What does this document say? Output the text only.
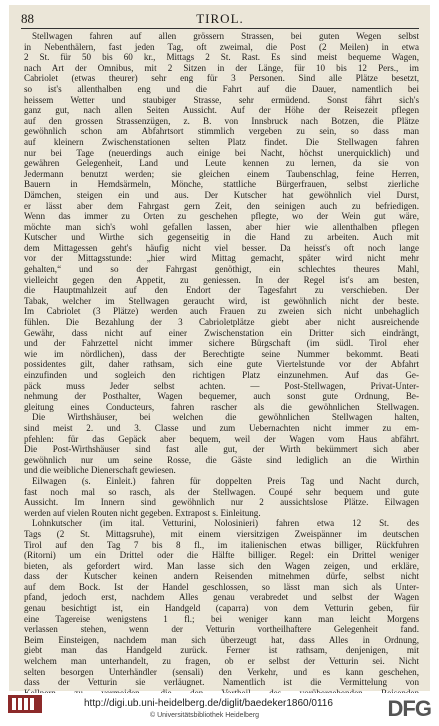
88	TIROL.
Stellwagen fahren auf allen grössern Strassen, bei guten Wegen selbst
in Nebenthälern, fast jeden Tag, oft zweimal, die Post (2 Meilen) in etwa
2 St. für 50 bis 60 kr., Mittags 2 St. Rast. Es sind meist bequeme Wagen,
nach Art der Omnibus, mit 2 Sitzen in der Länge, für 10 bis 12 Pers., im
Cabriolet (etwas theurer) sehr eng für 3 Personen. Sind alle Plätze besetzt,
so ist's allenthalben eng und die Fahrt auf die Dauer, namentlich bei
heissem Wetter und staubiger Strasse, sehr ermüdend. Sonst fährt sich's
ganz gut, nach allen Seiten Aussicht. Auf der Höhe der Reisezeit pflegen
auf den grossen Strassenzügen, z. B. von Innsbruck nach Botzen, die Plätze
gewöhnlich schon am Abfahrtsort stimmlich vergeben zu sein, so dass man
auf kleinern Zwischenstationen selten Platz findet. Die Stellwagen fahren
nur bei Tage (neuerdings auch einige bei Nacht, höchst unerquicklich) und
gewähren Gelegenheit, Land und Leute kennen zu lernen, da sie von
Jedermann benutzt werden; sie gleichen einem Taubenschlag, feine Herren,
Bauern in Hemdsärmeln, Mönche, stattliche Bürgerfrauen, selbst zierliche
Dämchen, steigen ein und aus. Der Kutscher hat gewöhnlich viel Durst,
er lässt aber dem Fahrgast gern Zeit, den seinigen auch zu befriedigen.
Wenn das immer zu Orten zu geschehen pflegte, wo der Wein gut wäre,
möchte man sich's wohl gefallen lassen, aber hier wie allenthalben pflegen
Kutscher und Wirthe sich gegenseitig in die Hand zu arbeiten. Auch mit
dem Mittagessen geht's häufig nicht viel besser. Da heisst's oft noch lange
vor der Mittagsstunde: „hier wird Mittag gemacht, später wird nicht mehr
gehalten,“ und so der Fahrgast genöthigt, ein schlechtes theures Mahl,
vielleicht gegen den Appetit, zu geniessen. In der Regel ist's am besten,
die Hauptmahlzeit auf den Endort der Tagesfahrt zu verschieben. Der
Tabak, welcher im Stellwagen geraucht wird, ist gewöhnlich nicht der beste.
Im Cabriolet (3 Plätze) werden auch Frauen zu zweien sich nicht unbehaglich
fühlen. Die Bezahlung der 3 Cabrioletplätze giebt aber nicht ausreichende
Gewähr, dass nicht auf einer Zwischenstation ein Dritter sich eindrängt,
und der Fahrzettel nicht immer sichere Bürgschaft (im südl. Tirol eher
wie im nördlichen), dass der Berechtigte seine Nummer bekommt. Beati
possidentes gilt, daher rathsam, sich eine gute Viertelstunde vor der Abfahrt
einzufinden und sogleich den richtigen Platz einzunehmen. Auf das Ge-
päck muss Jeder selbst achten. — Post-Stellwagen, Privat-Unter-
nehmung der Posthalter, Wagen bequemer, auch sonst gute Ordnung, Be-
gleitung eines Conducteurs, fahren rascher als die gewöhnlichen Stellwagen.
Die Wirthshäuser, bei welchen die gewöhnlichen Stellwagen halten,
sind meist 2. und 3. Classe und zum Uebernachten nicht immer zu em-
pfehlen: für das Gepäck aber bequem, weil der Wagen vom Haus abfährt.
Die Post-Wirthshäuser sind fast alle gut, der Wirth bekümmert sich aber
gewöhnlich nur um seine Rosse, die Gäste sind lediglich an die Wirthin
und die weibliche Dienerschaft gewiesen.
Eilwagen (s. Einleit.) fahren für doppelten Preis Tag und Nacht durch,
fast noch mal so rasch, als der Stellwagen. Coupé sehr bequem und gute
Aussicht. Im Innern sind gewöhnlich nur 2 aussichtslose Plätze. Eilwagen
werden auf vielen Routen nicht gegeben. Extrapost s. Einleitung.
Lohnkutscher (im ital. Vetturini, Nolosinieri) fahren etwa 12 St. des
Tags (2 St. Mittagsruhe), mit einem viersitzigen Zweispänner im deutschen
Tirol auf den Tag 7 bis 8 fl., im italienischen etwas billiger, Rückfuhren
(Ritorni) um ein Drittel oder die Hälfte billiger. Regel: ein Drittel weniger
bieten, als gefordert wird. Man lasse sich den Wagen zeigen, und erkläre,
dass der Kutscher keinen andern Reisenden mitnehmen dürfe, selbst nicht
auf dem Bock. Ist der Handel geschlossen, so lässt man sich als Unter-
pfand, jedoch erst, nachdem Alles genau verabredet und selbst der Wagen
genau besichtigt ist, ein Handgeld (caparra) von dem Vetturin geben, für
eine Tagereise wenigstens 1 fl.; bei weniger kann man leicht Morgens
verlassen stehen, wenn der Vetturin vortheilhaftere Gelegenheit fand.
Beim Einsteigen, nachdem man sich überzeugt hat, dass Alles in Ordnung,
giebt man das Handgeld zurück. Ferner ist rathsam, denjenigen, mit
welchem man unterhandelt, zu fragen, ob er selbst der Vetturin sei. Nicht
selten besorgen Unterhändler (sensali) den Verkehr, und es kann geschehen,
dass der Vetturin sie verläugnet. Namentlich ist die Vermittelung von
http://digi.ub.uni-heidelberg.de/diglit/baedeker1860/0116
© Universitätsbibliothek Heidelberg	DFG
